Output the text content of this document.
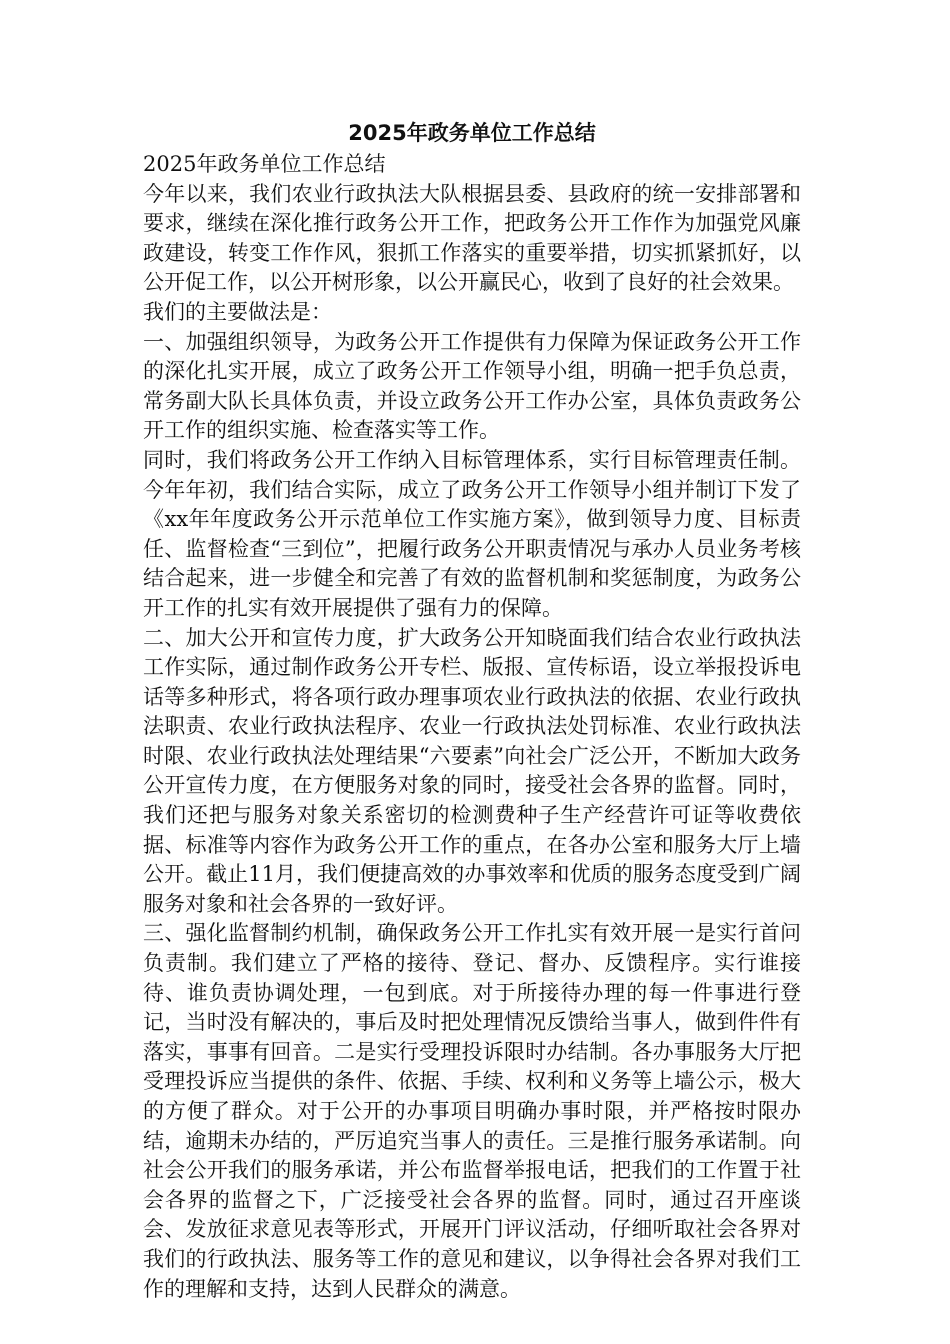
2025年政务单位工作总结

2025年政务单位工作总结

今年以来，我们农业行政执法大队根据县委、县政府的统一安排部署和要求，继续在深化推行政务公开工作，把政务公开工作作为加强党风廉政建设，转变工作作风，狠抓工作落实的重要举措，切实抓紧抓好，以公开促工作，以公开树形象，以公开赢民心，收到了良好的社会效果。

我们的主要做法是：

一、加强组织领导，为政务公开工作提供有力保障为保证政务公开工作的深化扎实开展，成立了政务公开工作领导小组，明确一把手负总责，常务副大队长具体负责，并设立政务公开工作办公室，具体负责政务公开工作的组织实施、检查落实等工作。

同时，我们将政务公开工作纳入目标管理体系，实行目标管理责任制。今年年初，我们结合实际，成立了政务公开工作领导小组并制订下发了《xx年年度政务公开示范单位工作实施方案》，做到领导力度、目标责任、监督检查“三到位”，把履行政务公开职责情况与承办人员业务考核结合起来，进一步健全和完善了有效的监督机制和奖惩制度，为政务公开工作的扎实有效开展提供了强有力的保障。

二、加大公开和宣传力度，扩大政务公开知晓面我们结合农业行政执法工作实际，通过制作政务公开专栏、版报、宣传标语，设立举报投诉电话等多种形式，将各项行政办理事项农业行政执法的依据、农业行政执法职责、农业行政执法程序、农业一行政执法处罚标准、农业行政执法时限、农业行政执法处理结果“六要素”向社会广泛公开，不断加大政务公开宣传力度，在方便服务对象的同时，接受社会各界的监督。同时，我们还把与服务对象关系密切的检测费种子生产经营许可证等收费依据、标准等内容作为政务公开工作的重点，在各办公室和服务大厅上墙公开。截止11月，我们便捷高效的办事效率和优质的服务态度受到广阔服务对象和社会各界的一致好评。

三、强化监督制约机制，确保政务公开工作扎实有效开展一是实行首问负责制。我们建立了严格的接待、登记、督办、反馈程序。实行谁接待、谁负责协调处理，一包到底。对于所接待办理的每一件事进行登记，当时没有解决的，事后及时把处理情况反馈给当事人，做到件件有落实，事事有回音。二是实行受理投诉限时办结制。各办事服务大厅把受理投诉应当提供的条件、依据、手续、权利和义务等上墙公示，极大的方便了群众。对于公开的办事项目明确办事时限，并严格按时限办结，逾期未办结的，严厉追究当事人的责任。三是推行服务承诺制。向社会公开我们的服务承诺，并公布监督举报电话，把我们的工作置于社会各界的监督之下，广泛接受社会各界的监督。同时，通过召开座谈会、发放征求意见表等形式，开展开门评议活动，仔细听取社会各界对我们的行政执法、服务等工作的意见和建议，以争得社会各界对我们工作的理解和支持，达到人民群众的满意。
